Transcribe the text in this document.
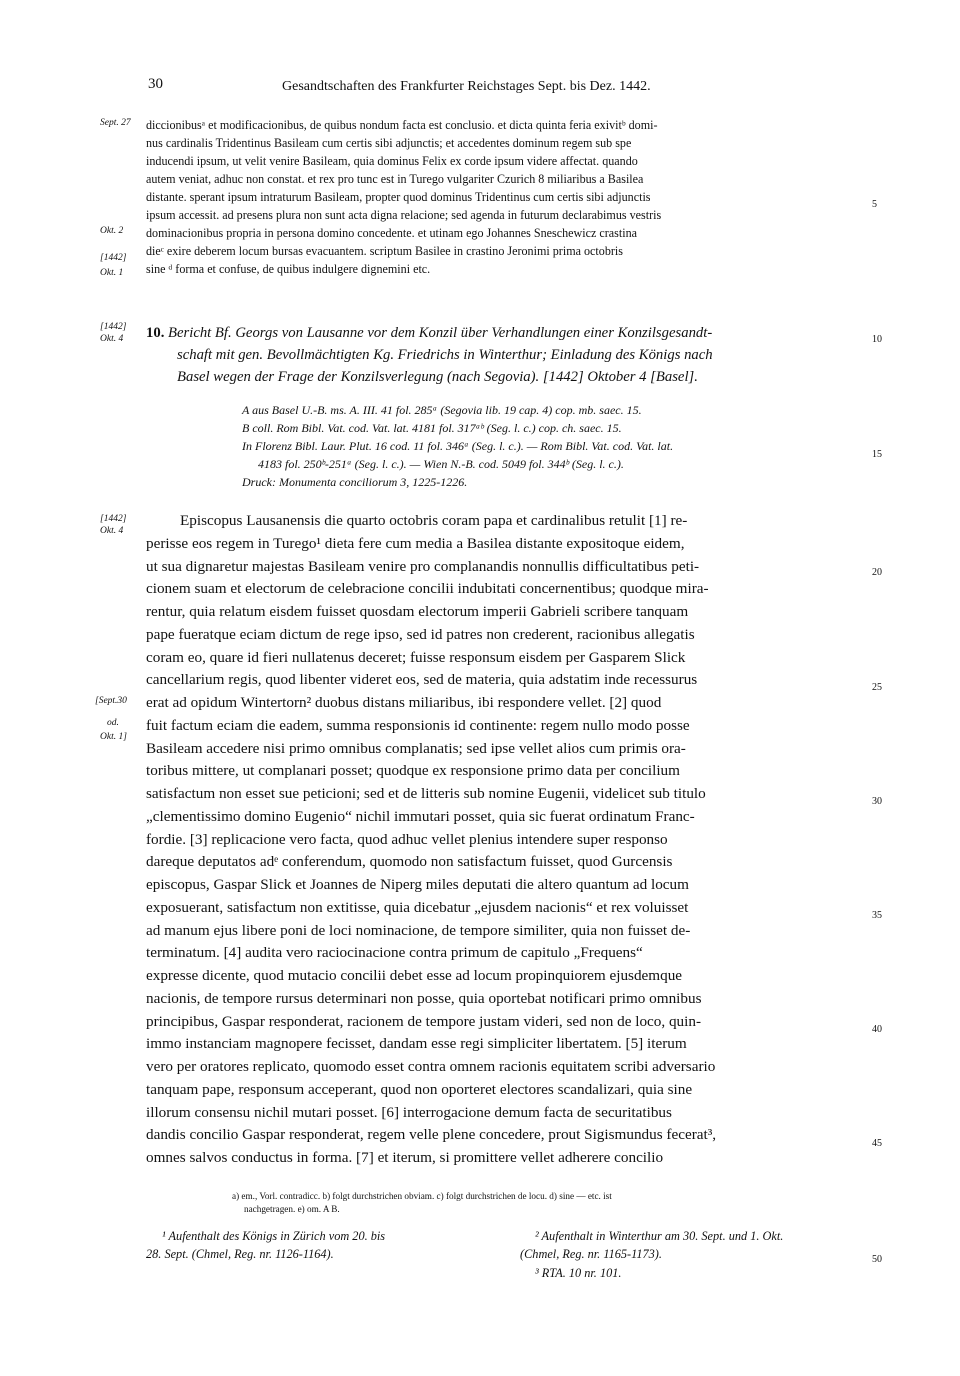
30	Gesandtschaften des Frankfurter Reichstages Sept. bis Dez. 1442.
Sept. 27
Okt. 2
[1442]
Okt. 1
[1442]
Okt. 4
[1442]
Okt. 4
[Sept.30
od.
Okt. 1]
5
10
15
20
25
30
35
40
45
50
diccionibusᵃ et modificacionibus, de quibus nondum facta est conclusio. et dicta quinta feria exivitᵇ domi-
nus cardinalis Tridentinus Basileam cum certis sibi adjunctis; et accedentes dominum regem sub spe
inducendi ipsum, ut velit venire Basileam, quia dominus Felix ex corde ipsum videre affectat. quando
autem veniat, adhuc non constat. et rex pro tunc est in Turego vulgariter Czurich 8 miliaribus a Basilea
distante. sperant ipsum intraturum Basileam, propter quod dominus Tridentinus cum certis sibi adjunctis
ipsum accessit. ad presens plura non sunt acta digna relacione; sed agenda in futurum declarabimus vestris
dominacionibus propria in persona domino concedente. et utinam ego Johannes Sneschewicz crastina
dieᶜ exire deberem locum bursas evacuantem. scriptum Basilee in crastino Jeronimi prima octobris
sine ᵈ forma et confuse, de quibus indulgere dignemini etc.
10. Bericht Bf. Georgs von Lausanne vor dem Konzil über Verhandlungen einer Konzilsgesandt-
schaft mit gen. Bevollmächtigten Kg. Friedrichs in Winterthur; Einladung des Königs nach
Basel wegen der Frage der Konzilsverlegung (nach Segovia). [1442] Oktober 4 [Basel].
A aus Basel U.-B. ms. A. III. 41 fol. 285ᵃ (Segovia lib. 19 cap. 4) cop. mb. saec. 15.
B coll. Rom Bibl. Vat. cod. Vat. lat. 4181 fol. 317ᵃᵇ (Seg. l. c.) cop. ch. saec. 15.
In Florenz Bibl. Laur. Plut. 16 cod. 11 fol. 346ᵃ (Seg. l. c.). — Rom Bibl. Vat. cod. Vat. lat.
4183 fol. 250ᵇ-251ᵃ (Seg. l. c.). — Wien N.-B. cod. 5049 fol. 344ᵇ (Seg. l. c.).
Druck: Monumenta conciliorum 3, 1225-1226.
Episcopus Lausanensis die quarto octobris coram papa et cardinalibus retulit [1] re-
perisse eos regem in Turego¹ dieta fere cum media a Basilea distante expositoque eidem,
ut sua dignaretur majestas Basileam venire pro complanandis nonnullis difficultatibus peti-
cionem suam et electorum de celebracione concilii indubitati concernentibus; quodque mira-
rentur, quia relatum eisdem fuisset quosdam electorum imperii Gabrieli scribere tanquam
pape fueratque eciam dictum de rege ipso, sed id patres non crederent, racionibus allegatis
coram eo, quare id fieri nullatenus deceret; fuisse responsum eisdem per Gasparem Slick
cancellarium regis, quod libenter videret eos, sed de materia, quia adstatim inde recessurus
erat ad opidum Wintertorn² duobus distans miliaribus, ibi respondere vellet. [2] quod
fuit factum eciam die eadem, summa responsionis id continente: regem nullo modo posse
Basileam accedere nisi primo omnibus complanatis; sed ipse vellet alios cum primis ora-
toribus mittere, ut complanari posset; quodque ex responsione primo data per concilium
satisfactum non esset sue peticioni; sed et de litteris sub nomine Eugenii, videlicet sub titulo
„clementissimo domino Eugenio“ nichil immutari posset, quia sic fuerat ordinatum Franc-
fordie. [3] replicacione vero facta, quod adhuc vellet plenius intendere super responso
dareque deputatos adᵉ conferendum, quomodo non satisfactum fuisset, quod Gurcensis
episcopus, Gaspar Slick et Joannes de Niperg miles deputati die altero quantum ad locum
exposuerant, satisfactum non extitisse, quia dicebatur „ejusdem nacionis“ et rex voluisset
ad manum ejus libere poni de loci nominacione, de tempore similiter, quia non fuisset de-
terminatum. [4] audita vero raciocinacione contra primum de capitulo „Frequens“
expresse dicente, quod mutacio concilii debet esse ad locum propinquiorem ejusdemque
nacionis, de tempore rursus determinari non posse, quia oportebat notificari primo omnibus
principibus, Gaspar responderat, racionem de tempore justam videri, sed non de loco, quin-
immo instanciam magnopere fecisset, dandam esse regi simpliciter libertatem. [5] iterum
vero per oratores replicato, quomodo esset contra omnem racionis equitatem scribi adversario
tanquam pape, responsum acceperant, quod non oporteret electores scandalizari, quia sine
illorum consensu nichil mutari posset. [6] interrogacione demum facta de securitatibus
dandis concilio Gaspar responderat, regem velle plene concedere, prout Sigismundus fecerat³,
omnes salvos conductus in forma. [7] et iterum, si promittere vellet adherere concilio
a) em., Vorl. contradicc. b) folgt durchstrichen obviam. c) folgt durchstrichen de locu. d) sine — etc. ist
nachgetragen. e) om. A B.
¹ Aufenthalt des Königs in Zürich vom 20. bis
28. Sept. (Chmel, Reg. nr. 1126-1164).
² Aufenthalt in Winterthur am 30. Sept. und 1. Okt.
(Chmel, Reg. nr. 1165-1173).
³ RTA. 10 nr. 101.
